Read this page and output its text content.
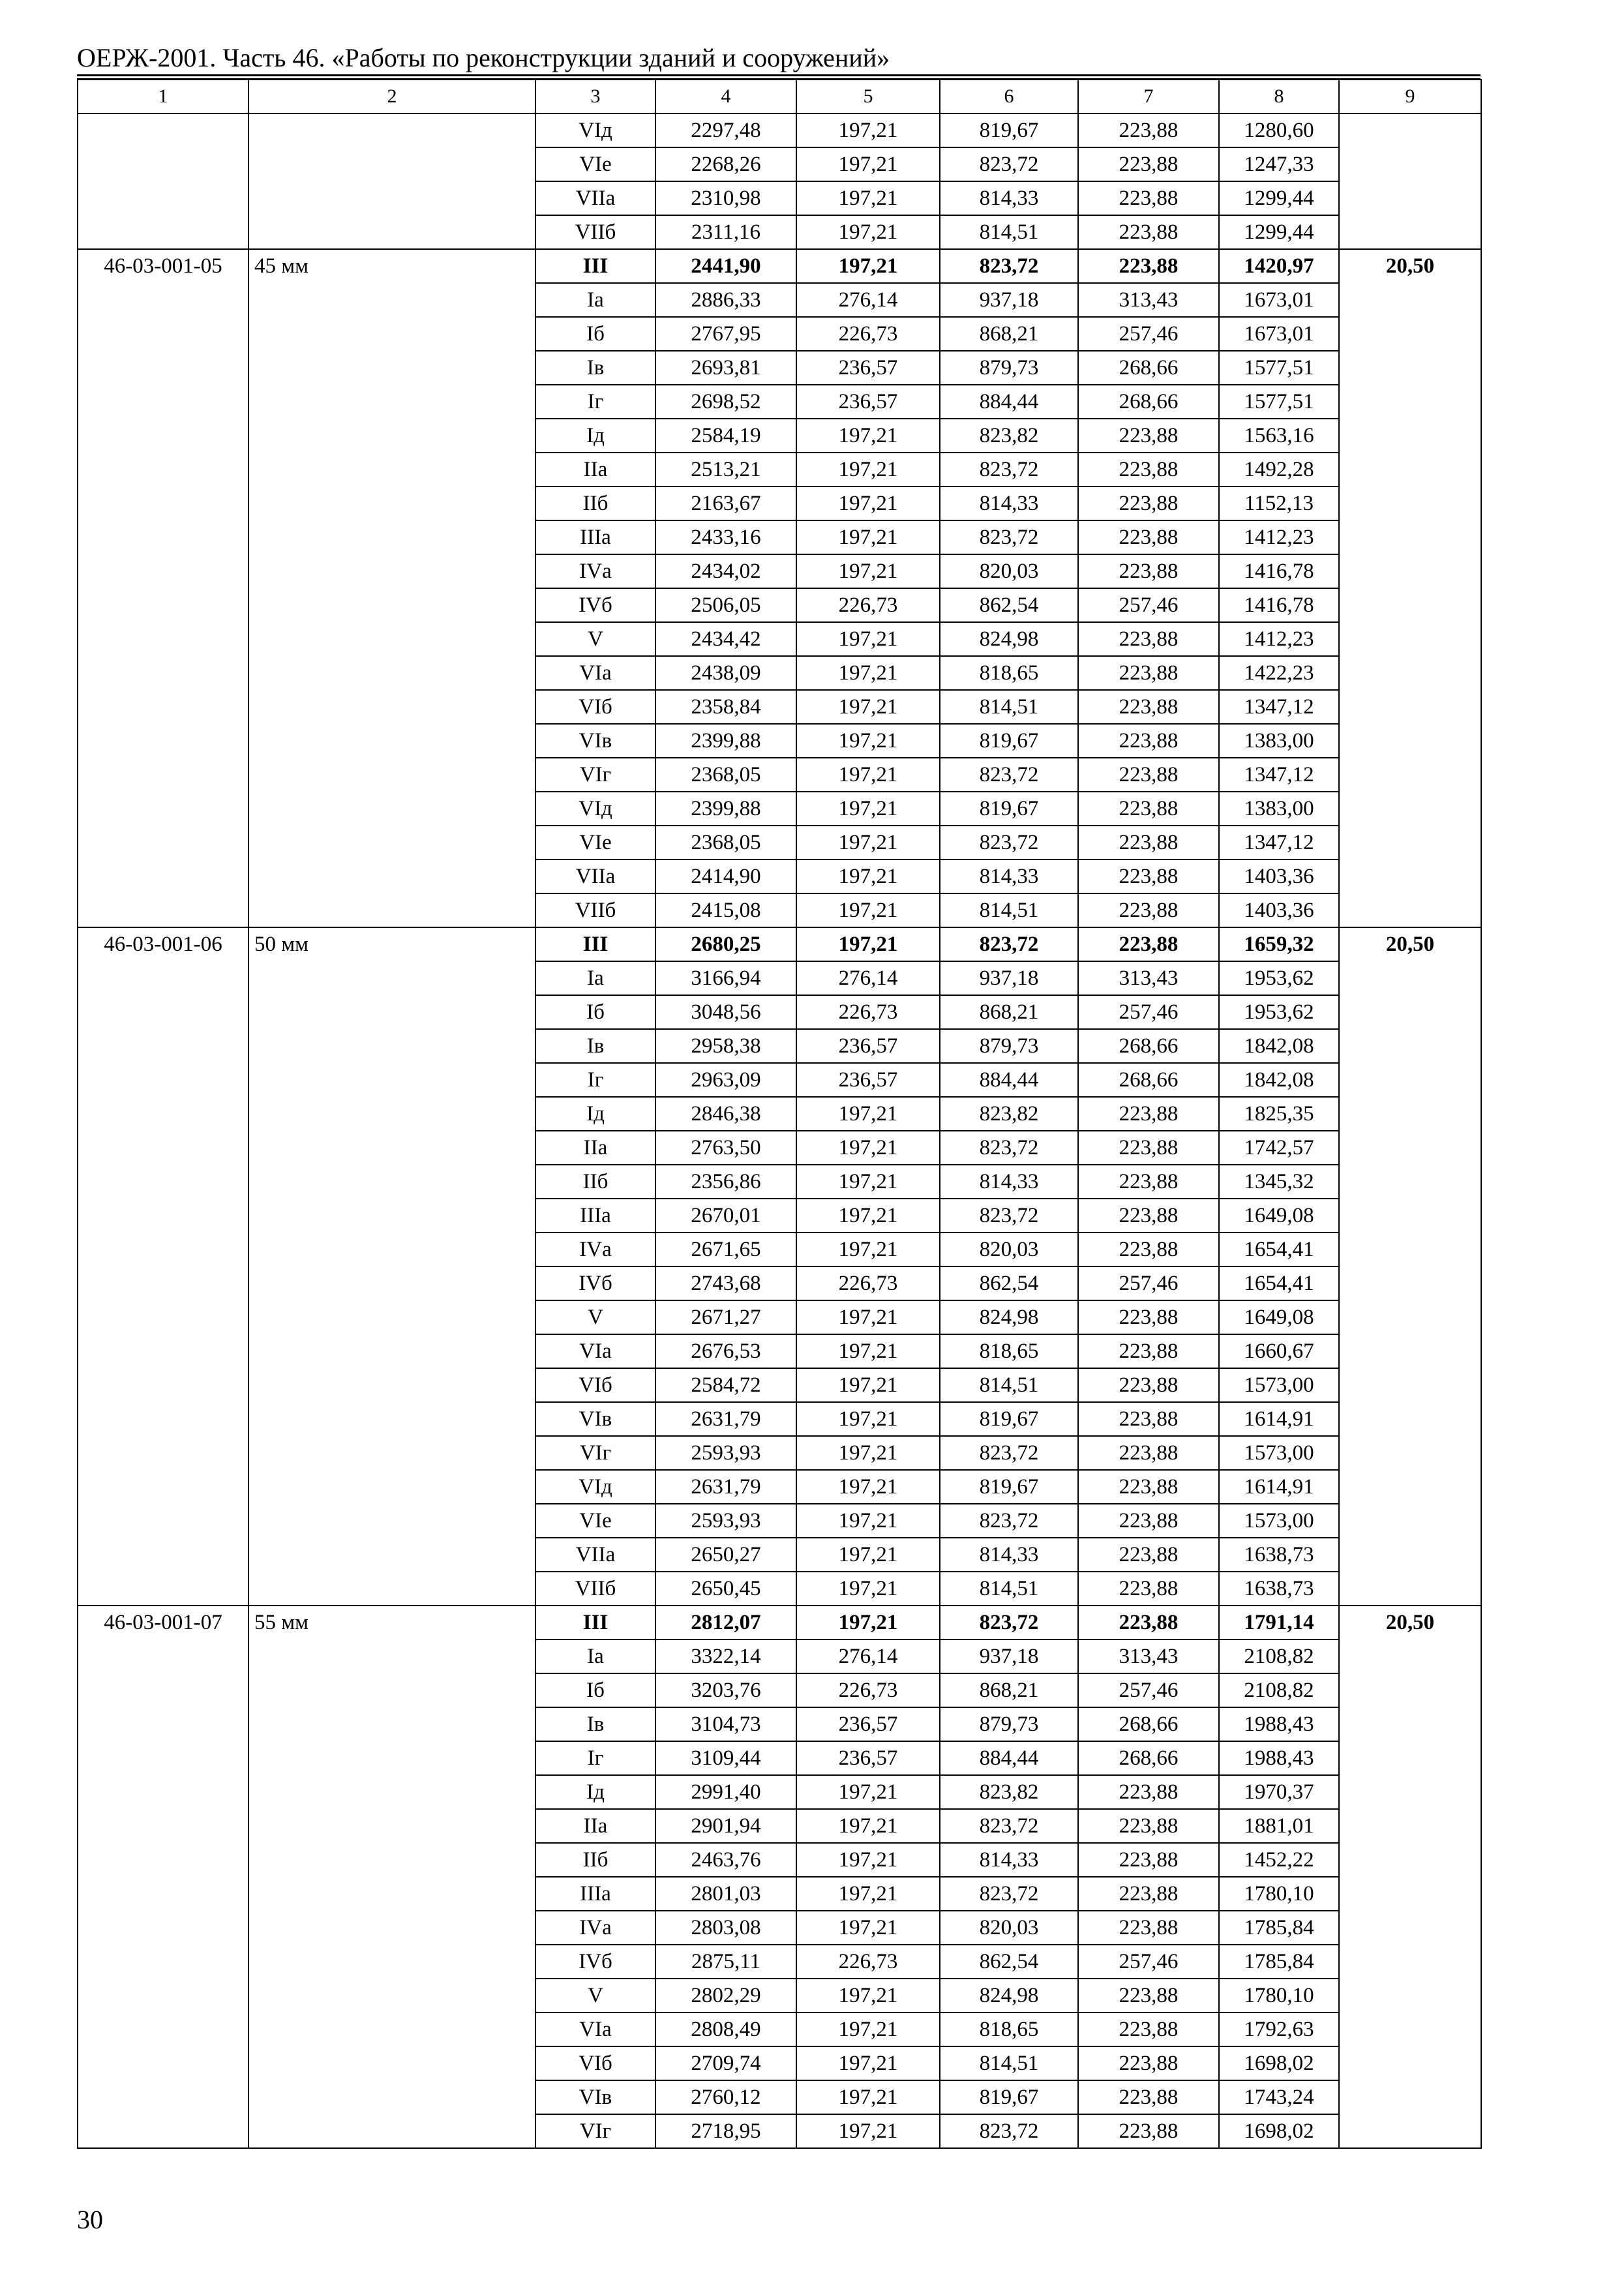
ОЕРЖ-2001. Часть 46. «Работы по реконструкции зданий и сооружений»
1	2	3	4	5	6	7	8	9
		VIд	2297,48	197,21	819,67	223,88	1280,60	
		VIе	2268,26	197,21	823,72	223,88	1247,33	
		VIIа	2310,98	197,21	814,33	223,88	1299,44	
		VIIб	2311,16	197,21	814,51	223,88	1299,44	
46-03-001-05	45 мм	III	2441,90	197,21	823,72	223,88	1420,97	20,50
		Iа	2886,33	276,14	937,18	313,43	1673,01	
		Iб	2767,95	226,73	868,21	257,46	1673,01	
		Iв	2693,81	236,57	879,73	268,66	1577,51	
		Iг	2698,52	236,57	884,44	268,66	1577,51	
		Iд	2584,19	197,21	823,82	223,88	1563,16	
		IIа	2513,21	197,21	823,72	223,88	1492,28	
		IIб	2163,67	197,21	814,33	223,88	1152,13	
		IIIа	2433,16	197,21	823,72	223,88	1412,23	
		IVа	2434,02	197,21	820,03	223,88	1416,78	
		IVб	2506,05	226,73	862,54	257,46	1416,78	
		V	2434,42	197,21	824,98	223,88	1412,23	
		VIа	2438,09	197,21	818,65	223,88	1422,23	
		VIб	2358,84	197,21	814,51	223,88	1347,12	
		VIв	2399,88	197,21	819,67	223,88	1383,00	
		VIг	2368,05	197,21	823,72	223,88	1347,12	
		VIд	2399,88	197,21	819,67	223,88	1383,00	
		VIе	2368,05	197,21	823,72	223,88	1347,12	
		VIIа	2414,90	197,21	814,33	223,88	1403,36	
		VIIб	2415,08	197,21	814,51	223,88	1403,36	
46-03-001-06	50 мм	III	2680,25	197,21	823,72	223,88	1659,32	20,50
		Iа	3166,94	276,14	937,18	313,43	1953,62	
		Iб	3048,56	226,73	868,21	257,46	1953,62	
		Iв	2958,38	236,57	879,73	268,66	1842,08	
		Iг	2963,09	236,57	884,44	268,66	1842,08	
		Iд	2846,38	197,21	823,82	223,88	1825,35	
		IIа	2763,50	197,21	823,72	223,88	1742,57	
		IIб	2356,86	197,21	814,33	223,88	1345,32	
		IIIа	2670,01	197,21	823,72	223,88	1649,08	
		IVа	2671,65	197,21	820,03	223,88	1654,41	
		IVб	2743,68	226,73	862,54	257,46	1654,41	
		V	2671,27	197,21	824,98	223,88	1649,08	
		VIа	2676,53	197,21	818,65	223,88	1660,67	
		VIб	2584,72	197,21	814,51	223,88	1573,00	
		VIв	2631,79	197,21	819,67	223,88	1614,91	
		VIг	2593,93	197,21	823,72	223,88	1573,00	
		VIд	2631,79	197,21	819,67	223,88	1614,91	
		VIе	2593,93	197,21	823,72	223,88	1573,00	
		VIIа	2650,27	197,21	814,33	223,88	1638,73	
		VIIб	2650,45	197,21	814,51	223,88	1638,73	
46-03-001-07	55 мм	III	2812,07	197,21	823,72	223,88	1791,14	20,50
		Iа	3322,14	276,14	937,18	313,43	2108,82	
		Iб	3203,76	226,73	868,21	257,46	2108,82	
		Iв	3104,73	236,57	879,73	268,66	1988,43	
		Iг	3109,44	236,57	884,44	268,66	1988,43	
		Iд	2991,40	197,21	823,82	223,88	1970,37	
		IIа	2901,94	197,21	823,72	223,88	1881,01	
		IIб	2463,76	197,21	814,33	223,88	1452,22	
		IIIа	2801,03	197,21	823,72	223,88	1780,10	
		IVа	2803,08	197,21	820,03	223,88	1785,84	
		IVб	2875,11	226,73	862,54	257,46	1785,84	
		V	2802,29	197,21	824,98	223,88	1780,10	
		VIа	2808,49	197,21	818,65	223,88	1792,63	
		VIб	2709,74	197,21	814,51	223,88	1698,02	
		VIв	2760,12	197,21	819,67	223,88	1743,24	
		VIг	2718,95	197,21	823,72	223,88	1698,02	
30
